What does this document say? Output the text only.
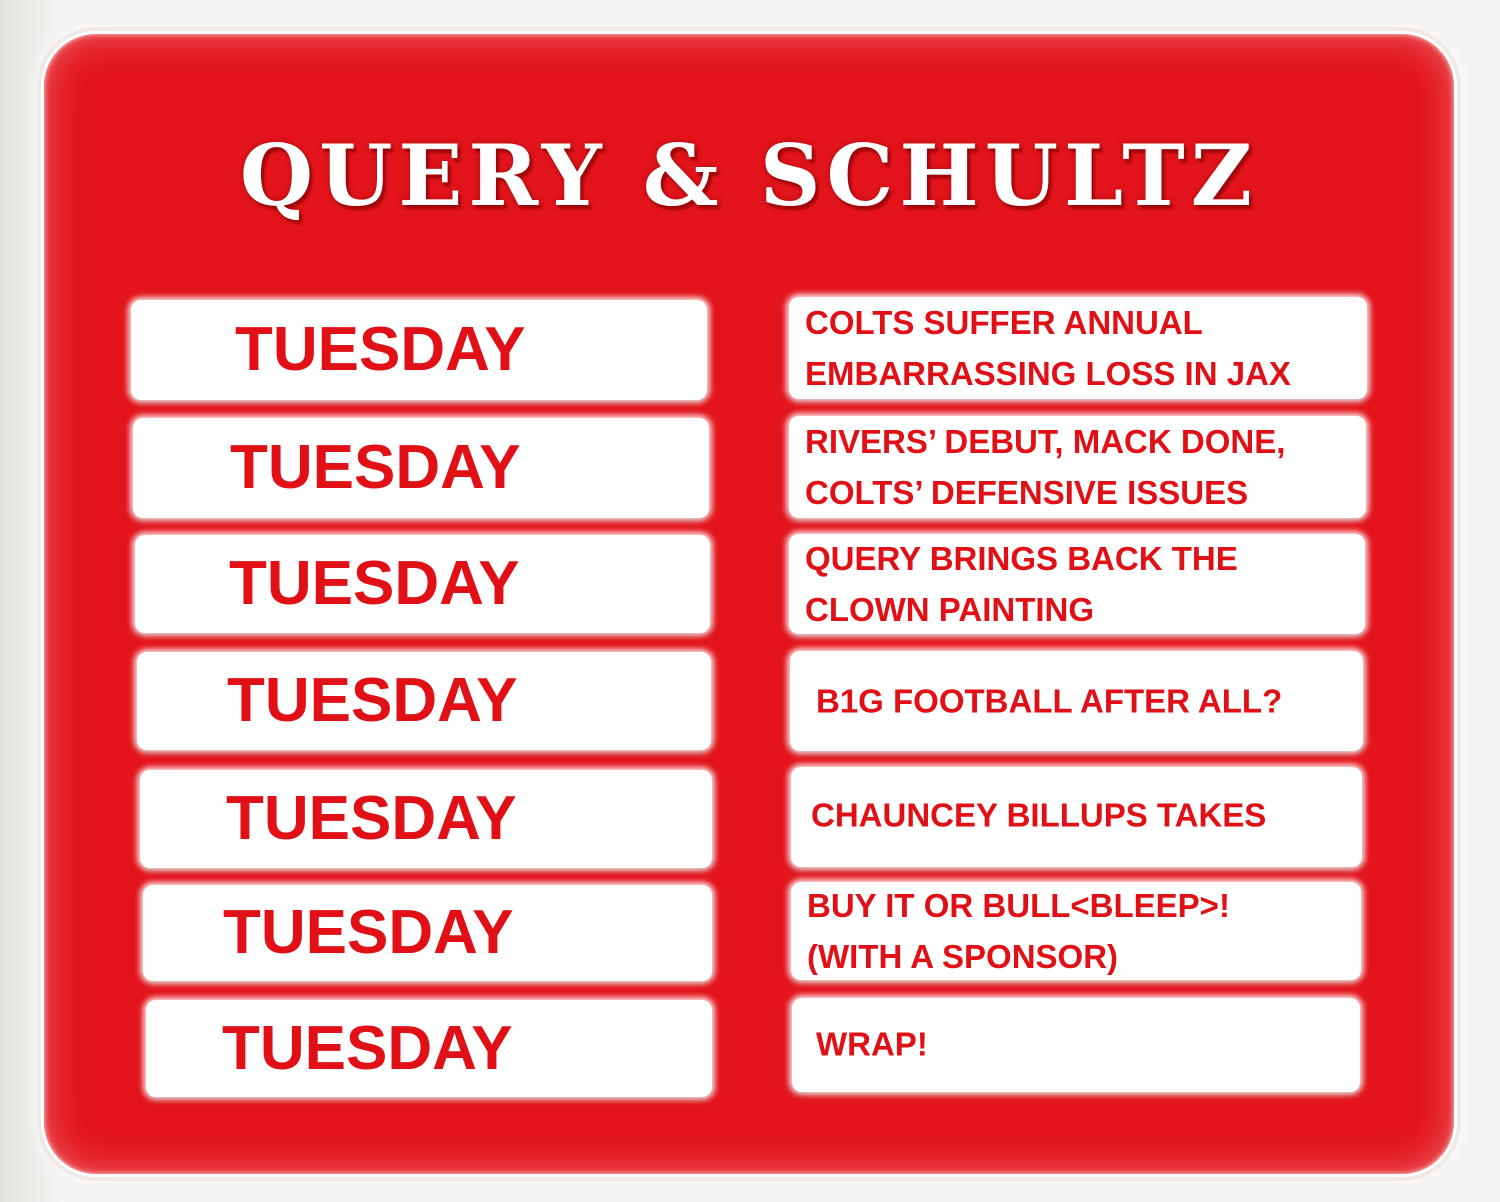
QUERY & SCHULTZ
TUESDAY
TUESDAY
TUESDAY
TUESDAY
TUESDAY
TUESDAY
TUESDAY
COLTS SUFFER ANNUAL
EMBARRASSING LOSS IN JAX
RIVERS’ DEBUT, MACK DONE,
COLTS’ DEFENSIVE ISSUES
QUERY BRINGS BACK THE
CLOWN PAINTING
B1G FOOTBALL AFTER ALL?
CHAUNCEY BILLUPS TAKES
BUY IT OR BULL<BLEEP>!
(WITH A SPONSOR)
WRAP!
